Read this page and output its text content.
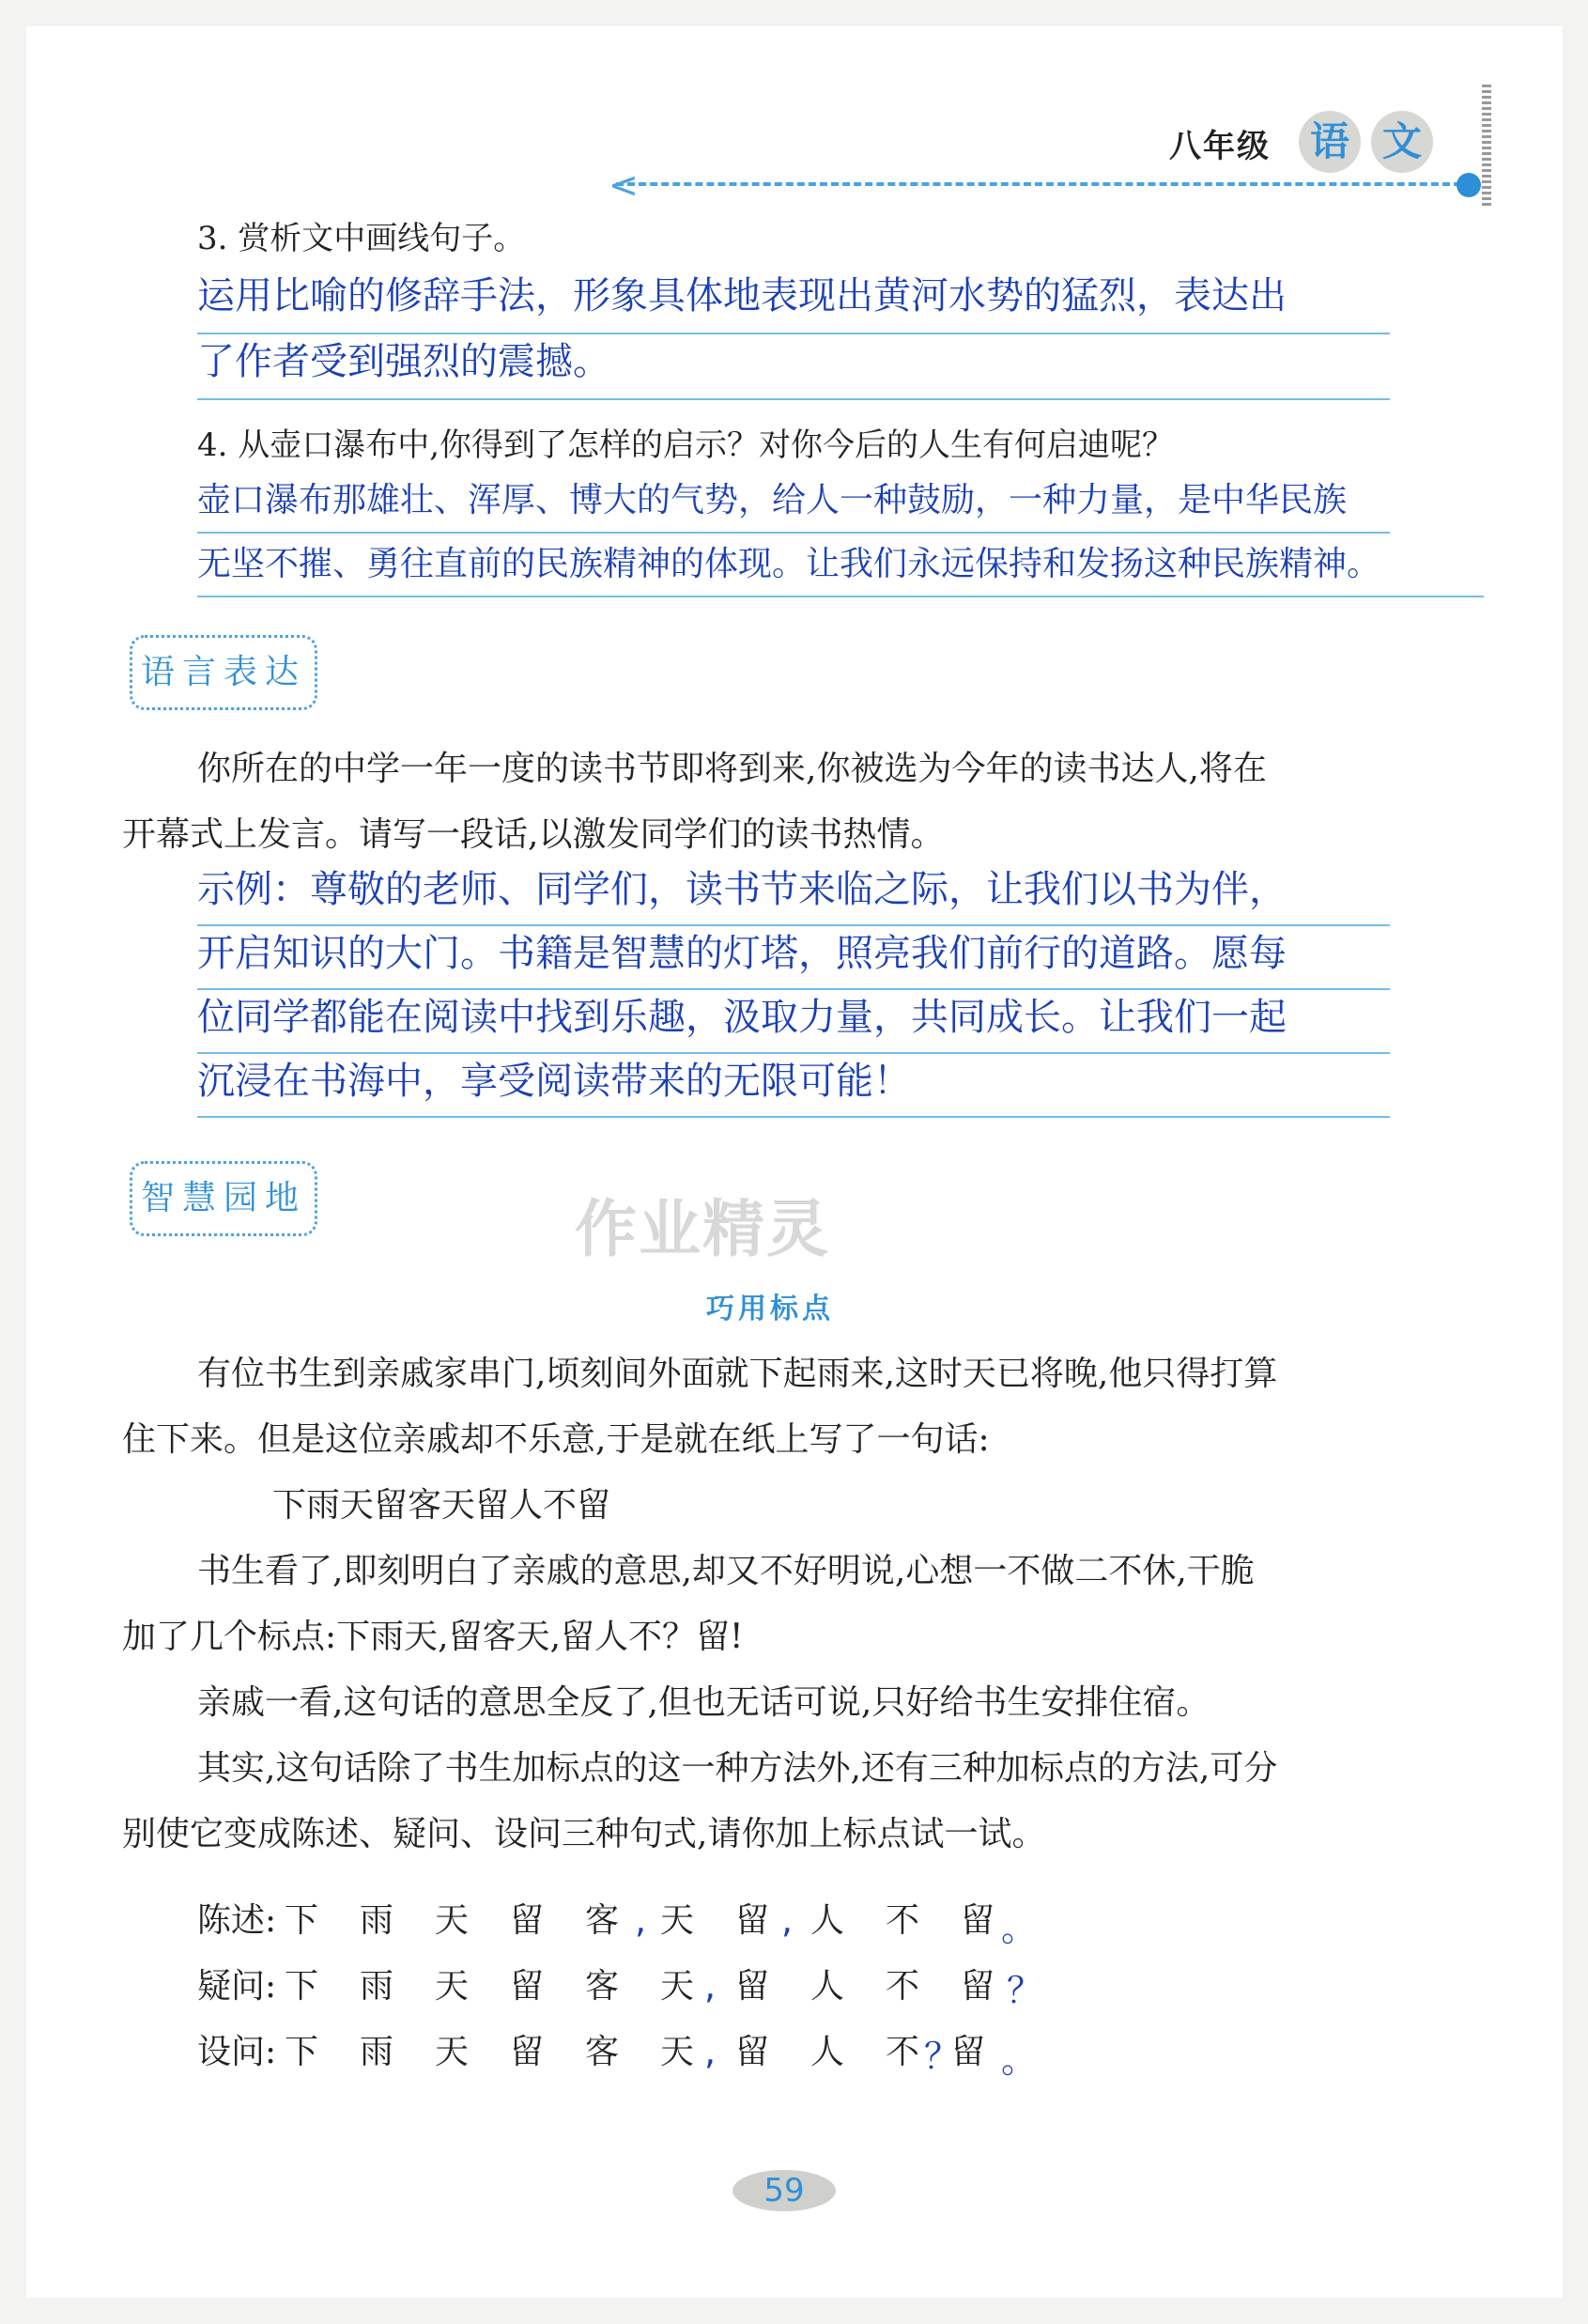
八年级 语 文
<
3. 赏析文中画线句子。
运用比喻的修辞手法，形象具体地表现出黄河水势的猛烈，表达出
了作者受到强烈的震撼。
4. 从壶口瀑布中,你得到了怎样的启示？对你今后的人生有何启迪呢？
壶口瀑布那雄壮、浑厚、博大的气势，给人一种鼓励，一种力量，是中华民族
无坚不摧、勇往直前的民族精神的体现。让我们永远保持和发扬这种民族精神。
语言表达
你所在的中学一年一度的读书节即将到来,你被选为今年的读书达人,将在
开幕式上发言。请写一段话,以激发同学们的读书热情。
示例：尊敬的老师、同学们，读书节来临之际，让我们以书为伴，
开启知识的大门。书籍是智慧的灯塔，照亮我们前行的道路。愿每
位同学都能在阅读中找到乐趣，汲取力量，共同成长。让我们一起
沉浸在书海中，享受阅读带来的无限可能！
智慧园地	作业精灵
巧用标点
有位书生到亲戚家串门,顷刻间外面就下起雨来,这时天已将晚,他只得打算
住下来。但是这位亲戚却不乐意,于是就在纸上写了一句话:
下雨天留客天留人不留
书生看了,即刻明白了亲戚的意思,却又不好明说,心想一不做二不休,干脆
加了几个标点:下雨天,留客天,留人不？留!
亲戚一看,这句话的意思全反了,但也无话可说,只好给书生安排住宿。
其实,这句话除了书生加标点的这一种方法外,还有三种加标点的方法,可分
别使它变成陈述、疑问、设问三种句式,请你加上标点试一试。
陈述: 下 雨 天 留 客 , 天 留 , 人 不 留 。
疑问: 下 雨 天 留 客 天 , 留 人 不 留 ？
设问: 下 雨 天 留 客 天 , 留 人 不 ？
留 。
59
